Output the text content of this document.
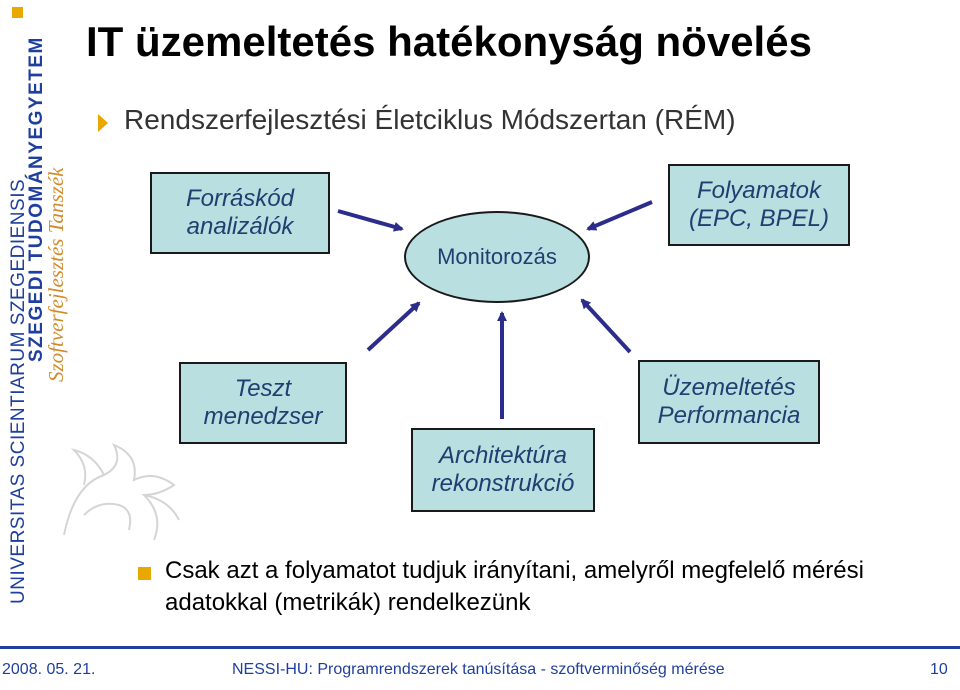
UNIVERSITAS SCIENTIARUM SZEGEDIENSIS
SZEGEDI TUDOMÁNYEGYETEM
Szoftverfejlesztés Tanszék
IT üzemeltetés hatékonyság növelés
Rendszerfejlesztési Életciklus Módszertan (RÉM)
Forráskód
analizálók
Folyamatok
(EPC, BPEL)
Monitorozás
Teszt
menedzser
Architektúra
rekonstrukció
Üzemeltetés
Performancia
Csak azt a folyamatot tudjuk irányítani, amelyről megfelelő mérési adatokkal (metrikák) rendelkezünk
2008. 05. 21.	NESSI-HU: Programrendszerek tanúsítása - szoftverminőség mérése	10
